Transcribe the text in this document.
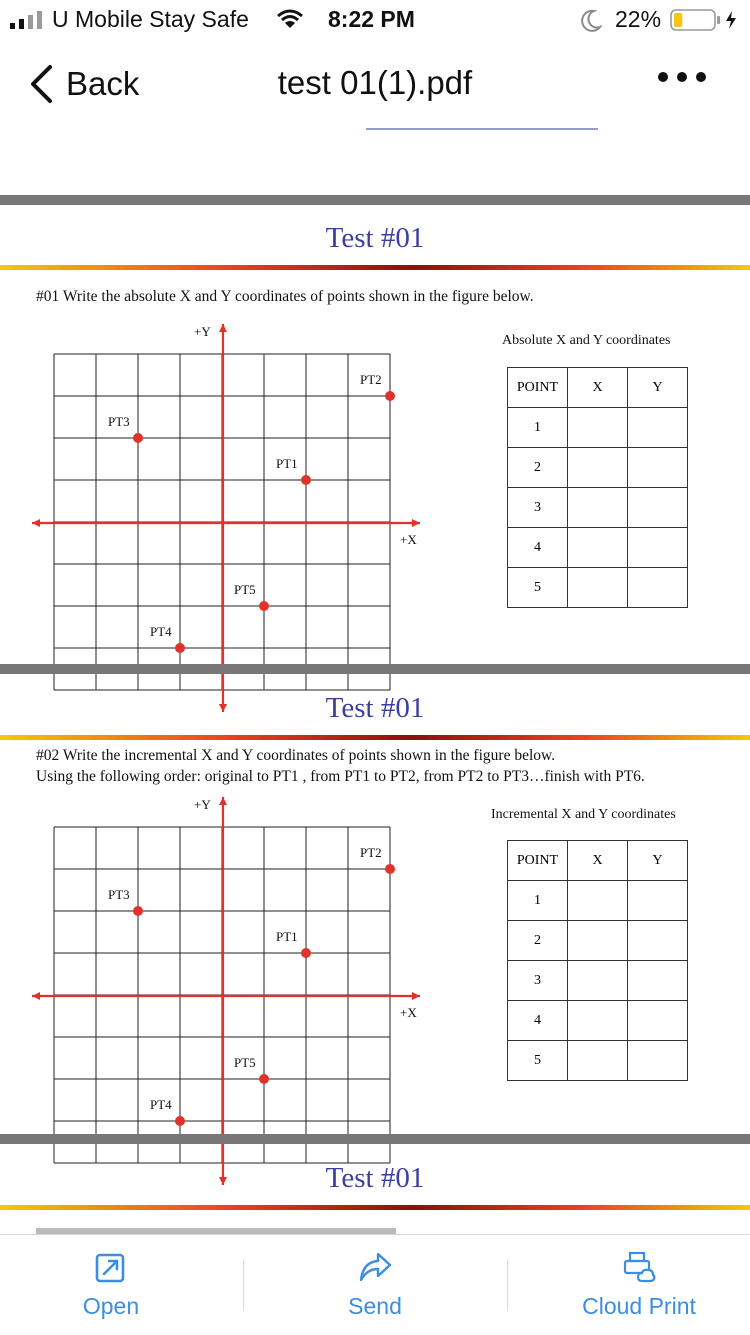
U Mobile Stay Safe	8:22 PM	22%
Back	test 01(1).pdf
Test #01
#01 Write the absolute X and Y coordinates of points shown in the figure below.
Absolute X and Y coordinates
POINT	X	Y
1		
2		
3		
4		
5		
+Y
+X
PT1
PT2
PT3
PT4
PT5
Test #01
#02 Write the incremental X and Y coordinates of points shown in the figure below.
Using the following order: original to PT1 , from PT1 to PT2, from PT2 to PT3…finish with PT6.
Incremental X and Y coordinates
POINT	X	Y
1		
2		
3		
4		
5		
+Y
+X
PT1
PT2
PT3
PT4
PT5
Test #01
Open	Send	Cloud Print
